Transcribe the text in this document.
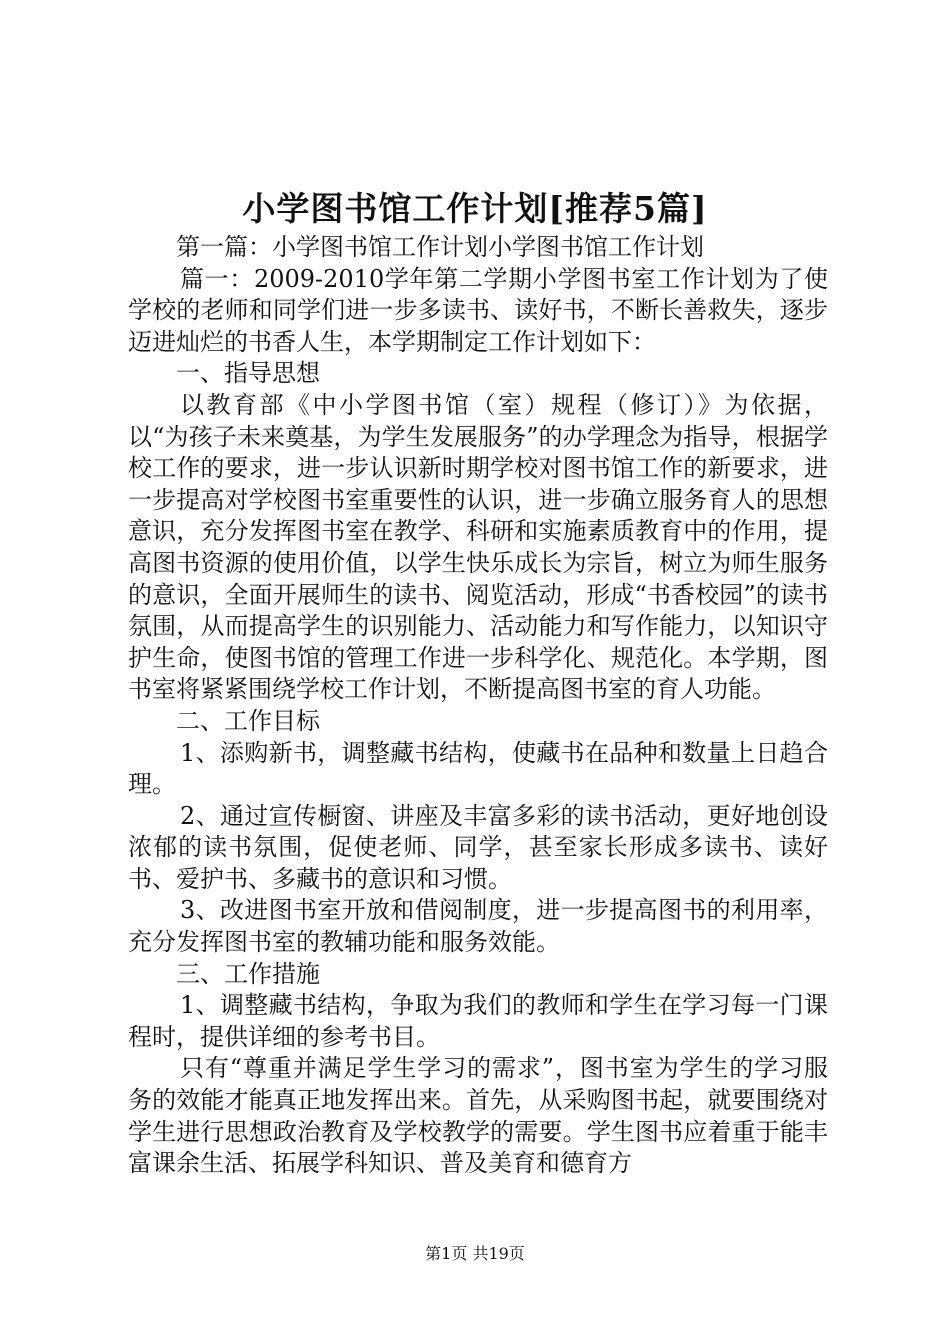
小学图书馆工作计划[推荐5篇]

第一篇：小学图书馆工作计划小学图书馆工作计划

篇一：2009-2010学年第二学期小学图书室工作计划为了使学校的老师和同学们进一步多读书、读好书，不断长善救失，逐步迈进灿烂的书香人生，本学期制定工作计划如下：

一、指导思想

以教育部《中小学图书馆（室）规程（修订）》为依据，以“为孩子未来奠基，为学生发展服务”的办学理念为指导，根据学校工作的要求，进一步认识新时期学校对图书馆工作的新要求，进一步提高对学校图书室重要性的认识，进一步确立服务育人的思想意识，充分发挥图书室在教学、科研和实施素质教育中的作用，提高图书资源的使用价值，以学生快乐成长为宗旨，树立为师生服务的意识，全面开展师生的读书、阅览活动，形成“书香校园”的读书氛围，从而提高学生的识别能力、活动能力和写作能力，以知识守护生命，使图书馆的管理工作进一步科学化、规范化。本学期，图书室将紧紧围绕学校工作计划，不断提高图书室的育人功能。

二、工作目标

1、添购新书，调整藏书结构，使藏书在品种和数量上日趋合理。

2、通过宣传橱窗、讲座及丰富多彩的读书活动，更好地创设浓郁的读书氛围，促使老师、同学，甚至家长形成多读书、读好书、爱护书、多藏书的意识和习惯。

3、改进图书室开放和借阅制度，进一步提高图书的利用率，充分发挥图书室的教辅功能和服务效能。

三、工作措施

1、调整藏书结构，争取为我们的教师和学生在学习每一门课程时，提供详细的参考书目。

只有“尊重并满足学生学习的需求”，图书室为学生的学习服务的效能才能真正地发挥出来。首先，从采购图书起，就要围绕对学生进行思想政治教育及学校教学的需要。学生图书应着重于能丰富课余生活、拓展学科知识、普及美育和德育方

第1页 共19页
